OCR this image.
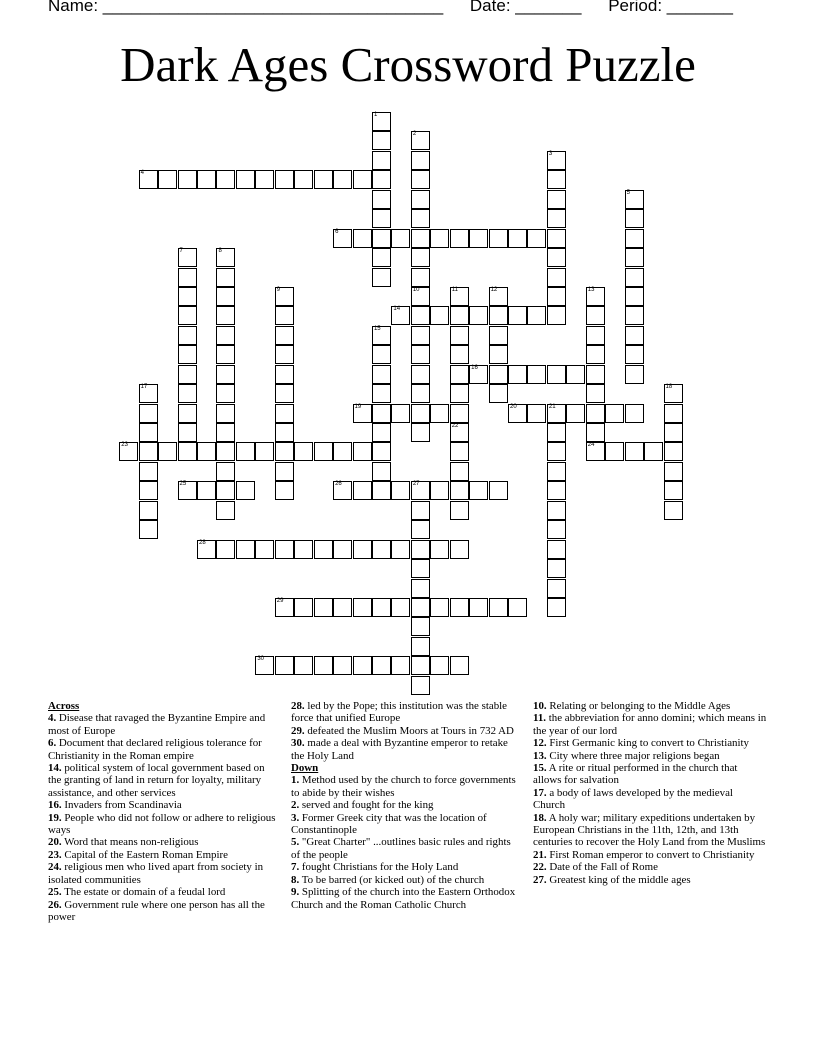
Name: ____________________________________ Date: _______ Period: _______
Dark Ages Crossword Puzzle
1
2
10
3
4
5
6
7	8
9	11	12	13
24
14
15
16
17	18
19	20	21
22
23
25	26	27
28
29
30
Across

4. Disease that ravaged the Byzantine Empire and most of Europe

6. Document that declared religious tolerance for Christianity in the Roman empire

14. political system of local government based on the granting of land in return for loyalty, military assistance, and other services

16. Invaders from Scandinavia

19. People who did not follow or adhere to religious ways

20. Word that means non-religious

23. Capital of the Eastern Roman Empire

24. religious men who lived apart from society in isolated communities

25. The estate or domain of a feudal lord

26. Government rule where one person has all the power

28. led by the Pope; this institution was the stable force that unified Europe

29. defeated the Muslim Moors at Tours in 732 AD

30. made a deal with Byzantine emperor to retake the Holy Land

Down

1. Method used by the church to force governments to abide by their wishes

2. served and fought for the king

3. Former Greek city that was the location of Constantinople

5. "Great Charter" ...outlines basic rules and rights of the people

7. fought Christians for the Holy Land

8. To be barred (or kicked out) of the church

9. Splitting of the church into the Eastern Orthodox Church and the Roman Catholic Church

10. Relating or belonging to the Middle Ages

11. the abbreviation for anno domini; which means in the year of our lord

12. First Germanic king to convert to Christianity

13. City where three major religions began

15. A rite or ritual performed in the church that allows for salvation

17. a body of laws developed by the medieval Church

18. A holy war; military expeditions undertaken by European Christians in the 11th, 12th, and 13th centuries to recover the Holy Land from the Muslims

21. First Roman emperor to convert to Christianity

22. Date of the Fall of Rome

27. Greatest king of the middle ages
